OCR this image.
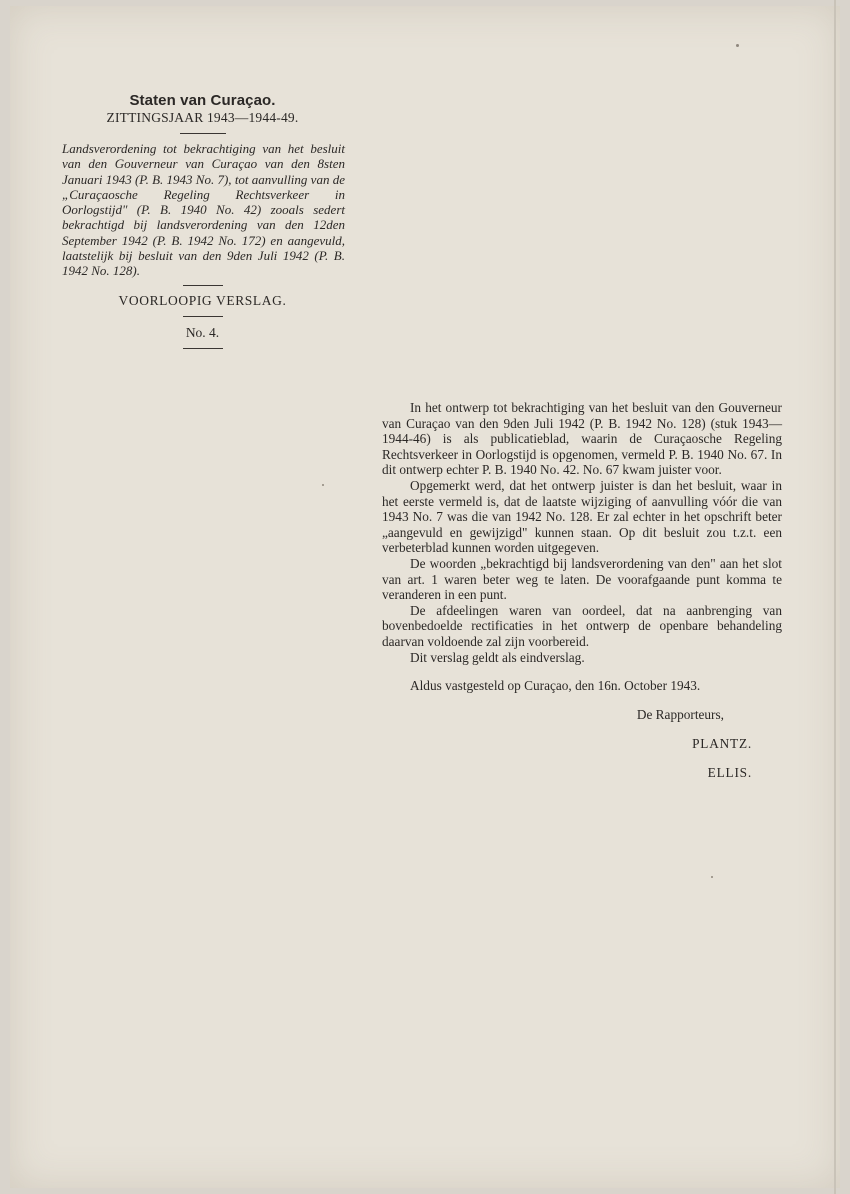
Staten van Curaçao.

ZITTINGSJAAR 1943—1944-49.

Landsverordening tot bekrachtiging van het besluit van den Gouverneur van Curaçao van den 8sten Januari 1943 (P. B. 1943 No. 7), tot aanvulling van de „Curaçaosche Regeling Rechtsverkeer in Oorlogstijd" (P. B. 1940 No. 42) zooals sedert bekrachtigd bij landsverordening van den 12den September 1942 (P. B. 1942 No. 172) en aangevuld, laatstelijk bij besluit van den 9den Juli 1942 (P. B. 1942 No. 128).

VOORLOOPIG VERSLAG.

No. 4.

In het ontwerp tot bekrachtiging van het besluit van den Gouverneur van Curaçao van den 9den Juli 1942 (P. B. 1942 No. 128) (stuk 1943—1944-46) is als publicatieblad, waarin de Curaçaosche Regeling Rechtsverkeer in Oorlogstijd is opgenomen, vermeld P. B. 1940 No. 67. In dit ontwerp echter P. B. 1940 No. 42. No. 67 kwam juister voor.

Opgemerkt werd, dat het ontwerp juister is dan het besluit, waar in het eerste vermeld is, dat de laatste wijziging of aanvulling vóór die van 1943 No. 7 was die van 1942 No. 128. Er zal echter in het opschrift beter „aangevuld en gewijzigd" kunnen staan. Op dit besluit zou t.z.t. een verbeterblad kunnen worden uitgegeven.

De woorden „bekrachtigd bij landsverordening van den" aan het slot van art. 1 waren beter weg te laten. De voorafgaande punt komma te veranderen in een punt.

De afdeelingen waren van oordeel, dat na aanbrenging van bovenbedoelde rectificaties in het ontwerp de openbare behandeling daarvan voldoende zal zijn voorbereid.

Dit verslag geldt als eindverslag.

Aldus vastgesteld op Curaçao, den 16n. October 1943.

De Rapporteurs,

PLANTZ.

ELLIS.
